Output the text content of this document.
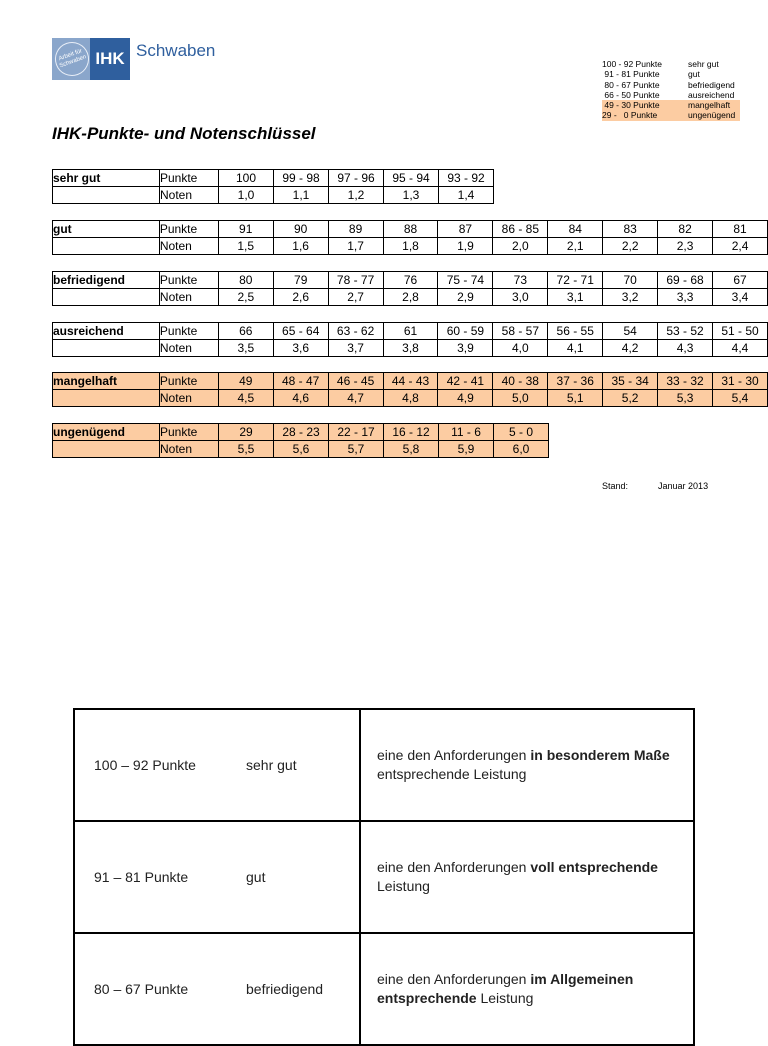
Arbeit für Schwaben IHK Schwaben
100 - 92 Punkte	sehr gut
91 - 81 Punkte	gut
80 - 67 Punkte	befriedigend
66 - 50 Punkte	ausreichend
49 - 30 Punkte	mangelhaft
29 -   0 Punkte	ungenügend
IHK-Punkte- und Notenschlüssel
sehr gut	Punkte	100	99 - 98	97 - 96	95 - 94	93 - 92
	Noten	1,0	1,1	1,2	1,3	1,4
gut	Punkte	91	90	89	88	87	86 - 85	84	83	82	81
	Noten	1,5	1,6	1,7	1,8	1,9	2,0	2,1	2,2	2,3	2,4
befriedigend	Punkte	80	79	78 - 77	76	75 - 74	73	72 - 71	70	69 - 68	67
	Noten	2,5	2,6	2,7	2,8	2,9	3,0	3,1	3,2	3,3	3,4
ausreichend	Punkte	66	65 - 64	63 - 62	61	60 - 59	58 - 57	56 - 55	54	53 - 52	51 - 50
	Noten	3,5	3,6	3,7	3,8	3,9	4,0	4,1	4,2	4,3	4,4
mangelhaft	Punkte	49	48 - 47	46 - 45	44 - 43	42 - 41	40 - 38	37 - 36	35 - 34	33 - 32	31 - 30
	Noten	4,5	4,6	4,7	4,8	4,9	5,0	5,1	5,2	5,3	5,4
ungenügend	Punkte	29	28 - 23	22 - 17	16 - 12	11 - 6	5 - 0
	Noten	5,5	5,6	5,7	5,8	5,9	6,0
Stand:	Januar 2013
100 – 92 Punkte sehr gut	eine den Anforderungen in besonderem Maße entsprechende Leistung
91 – 81 Punkte gut	eine den Anforderungen voll entsprechende Leistung
80 – 67 Punkte befriedigend	eine den Anforderungen im Allgemeinen entsprechende Leistung
